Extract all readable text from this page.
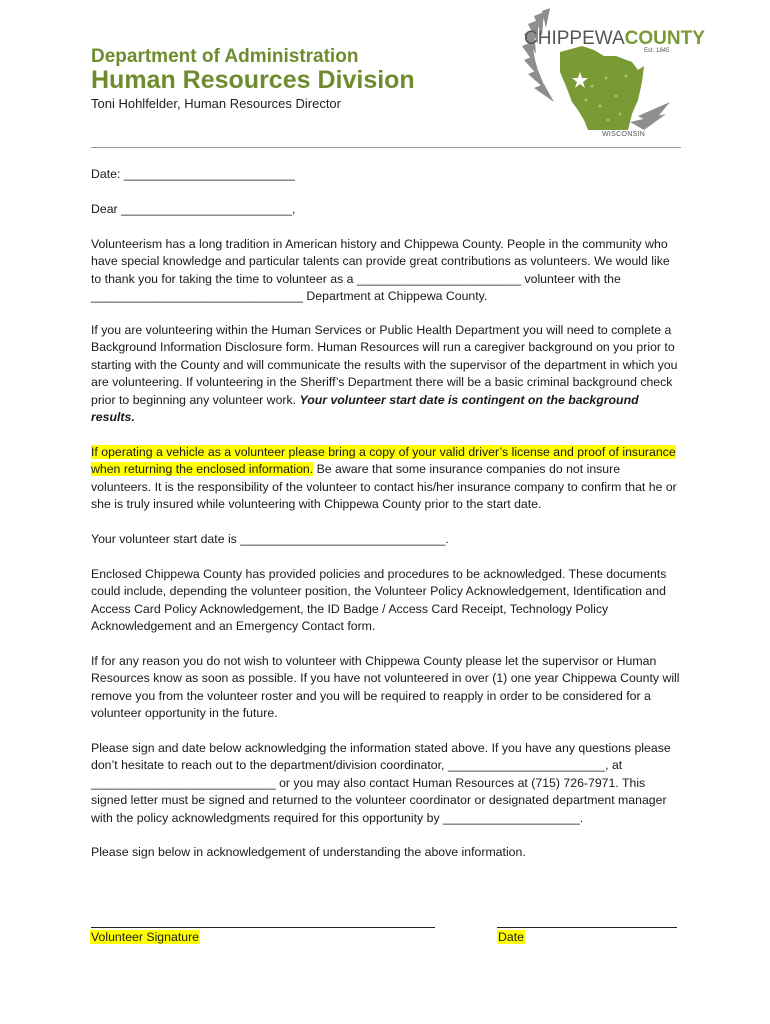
Department of Administration
Human Resources Division
Toni Hohlfelder, Human Resources Director
CHIPPEWACOUNTY
Est. 1845
WISCONSIN
Date: _________________________
Dear _________________________,

Volunteerism has a long tradition in American history and Chippewa County. People in the community who have special knowledge and particular talents can provide great contributions as volunteers. We would like to thank you for taking the time to volunteer as a ________________________ volunteer with the _______________________________ Department at Chippewa County.

If you are volunteering within the Human Services or Public Health Department you will need to complete a Background Information Disclosure form. Human Resources will run a caregiver background on you prior to starting with the County and will communicate the results with the supervisor of the department in which you are volunteering. If volunteering in the Sheriff’s Department there will be a basic criminal background check prior to beginning any volunteer work. Your volunteer start date is contingent on the background results.

If operating a vehicle as a volunteer please bring a copy of your valid driver’s license and proof of insurance when returning the enclosed information. Be aware that some insurance companies do not insure volunteers. It is the responsibility of the volunteer to contact his/her insurance company to confirm that he or she is truly insured while volunteering with Chippewa County prior to the start date.

Your volunteer start date is ______________________________.

Enclosed Chippewa County has provided policies and procedures to be acknowledged. These documents could include, depending the volunteer position, the Volunteer Policy Acknowledgement, Identification and Access Card Policy Acknowledgement, the ID Badge / Access Card Receipt, Technology Policy Acknowledgement and an Emergency Contact form.

If for any reason you do not wish to volunteer with Chippewa County please let the supervisor or Human Resources know as soon as possible. If you have not volunteered in over (1) one year Chippewa County will remove you from the volunteer roster and you will be required to reapply in order to be considered for a volunteer opportunity in the future.

Please sign and date below acknowledging the information stated above. If you have any questions please don’t hesitate to reach out to the department/division coordinator, _______________________, at ___________________________ or you may also contact Human Resources at (715) 726-7971. This signed letter must be signed and returned to the volunteer coordinator or designated department manager with the policy acknowledgments required for this opportunity by ____________________.

Please sign below in acknowledgement of understanding the above information.

Volunteer Signature	Date
